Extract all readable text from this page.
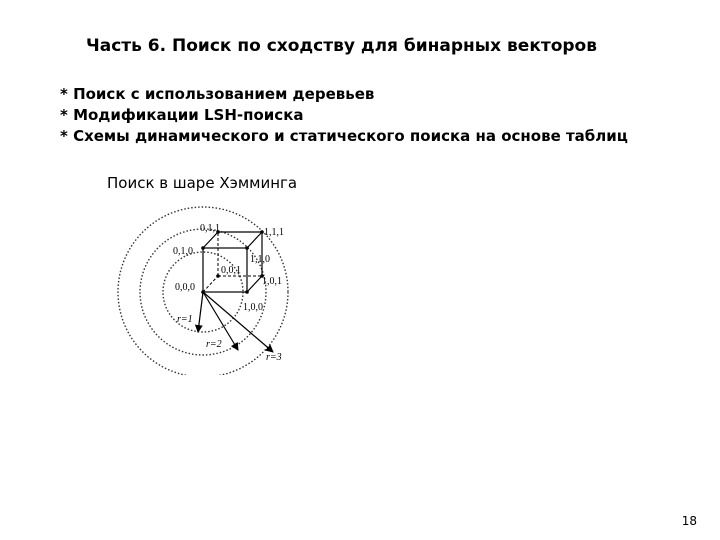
Часть 6. Поиск по сходству для бинарных векторов
* Поиск с использованием деревьев
* Модификации LSH-поиска
* Схемы динамического и статического поиска на основе таблиц
Поиск в шаре Хэмминга
0,0,0
1,0,0
0,1,0
1,1,0
0,1,1	1,1,1
1,0,1
0,0,1
r=1
r=2
r=3
18
